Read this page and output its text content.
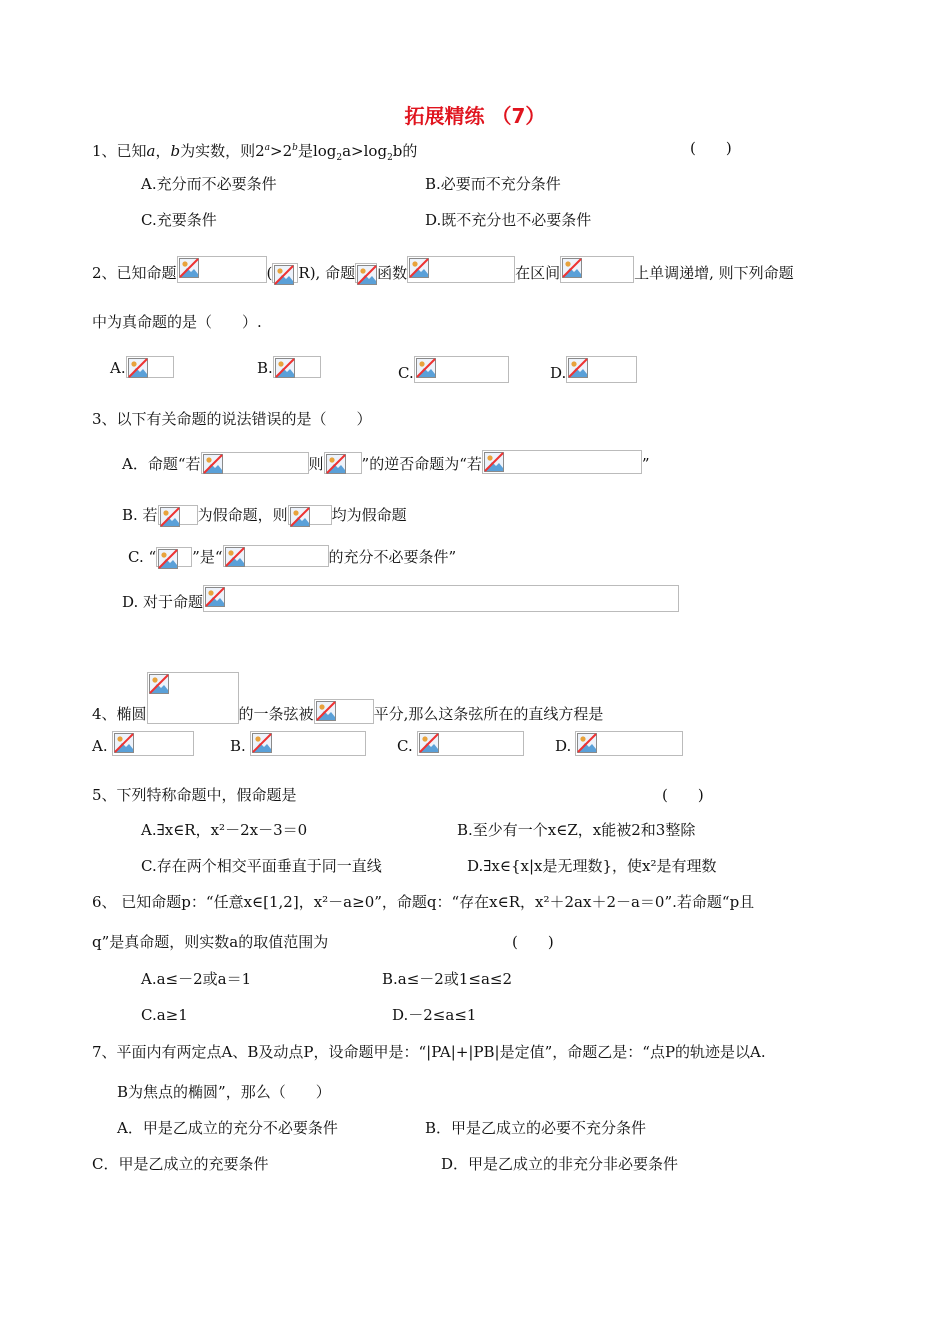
拓展精练 （7）
1、已知a，b为实数，则$2^a>2^b$是$\log_2a>\log_2b$的	(　　)
A.充分而不必要条件	B.必要而不充分条件
C.充要条件	D.既不充分也不必要条件
2、已知命题	( R), 命题 函数	在区间	上单调递增, 则下列命题
中为真命题的是（　　）.
A.	B.	C.	D.
3、以下有关命题的说法错误的是（　　）
A．命题“若	则	”的逆否命题为“若	”
B. 若	为假命题，则	均为假命题
C. “ ”是“	的充分不必要条件”
D. 对于命题
4、椭圆	的一条弦被	平分,那么这条弦所在的直线方程是
A.	B.	C.	D.
5、下列特称命题中，假命题是	(　　)
A.∃x∈R，x²－2x－3＝0	B.至少有一个x∈Z，x能被2和3整除
C.存在两个相交平面垂直于同一直线	D.∃x∈{x|x是无理数}，使x²是有理数
6、 已知命题p：“任意x∈[1,2]，x²－a≥0”，命题q：“存在x∈R，x²＋2ax＋2－a＝0”.若命题“p且
q”是真命题，则实数a的取值范围为	(　　)
A.a≤－2或a＝1	B.a≤－2或1≤a≤2
C.a≥1	D.－2≤a≤1
7、平面内有两定点A、B及动点P，设命题甲是：“|PA|+|PB|是定值”，命题乙是：“点P的轨迹是以A.
B为焦点的椭圆”，那么（　　）
A．甲是乙成立的充分不必要条件	B．甲是乙成立的必要不充分条件
C．甲是乙成立的充要条件	D．甲是乙成立的非充分非必要条件
